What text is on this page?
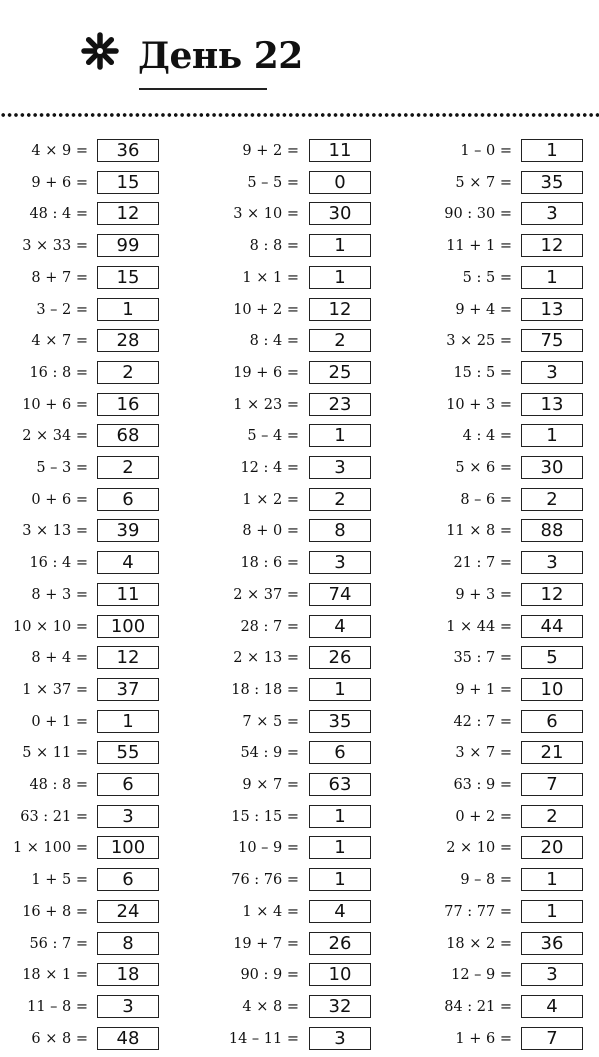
День 22
4 × 9 =	36
9 + 6 =	15
48 : 4 =	12
3 × 33 =	99
8 + 7 =	15
3 – 2 =	1
4 × 7 =	28
16 : 8 =	2
10 + 6 =	16
2 × 34 =	68
5 – 3 =	2
0 + 6 =	6
3 × 13 =	39
16 : 4 =	4
8 + 3 =	11
10 × 10 =	100
8 + 4 =	12
1 × 37 =	37
0 + 1 =	1
5 × 11 =	55
48 : 8 =	6
63 : 21 =	3
1 × 100 =	100
1 + 5 =	6
16 + 8 =	24
56 : 7 =	8
18 × 1 =	18
11 – 8 =	3
6 × 8 =	48
9 + 2 =	11
5 – 5 =	0
3 × 10 =	30
8 : 8 =	1
1 × 1 =	1
10 + 2 =	12
8 : 4 =	2
19 + 6 =	25
1 × 23 =	23
5 – 4 =	1
12 : 4 =	3
1 × 2 =	2
8 + 0 =	8
18 : 6 =	3
2 × 37 =	74
28 : 7 =	4
2 × 13 =	26
18 : 18 =	1
7 × 5 =	35
54 : 9 =	6
9 × 7 =	63
15 : 15 =	1
10 – 9 =	1
76 : 76 =	1
1 × 4 =	4
19 + 7 =	26
90 : 9 =	10
4 × 8 =	32
14 – 11 =	3
1 – 0 =	1
5 × 7 =	35
90 : 30 =	3
11 + 1 =	12
5 : 5 =	1
9 + 4 =	13
3 × 25 =	75
15 : 5 =	3
10 + 3 =	13
4 : 4 =	1
5 × 6 =	30
8 – 6 =	2
11 × 8 =	88
21 : 7 =	3
9 + 3 =	12
1 × 44 =	44
35 : 7 =	5
9 + 1 =	10
42 : 7 =	6
3 × 7 =	21
63 : 9 =	7
0 + 2 =	2
2 × 10 =	20
9 – 8 =	1
77 : 77 =	1
18 × 2 =	36
12 – 9 =	3
84 : 21 =	4
1 + 6 =	7
